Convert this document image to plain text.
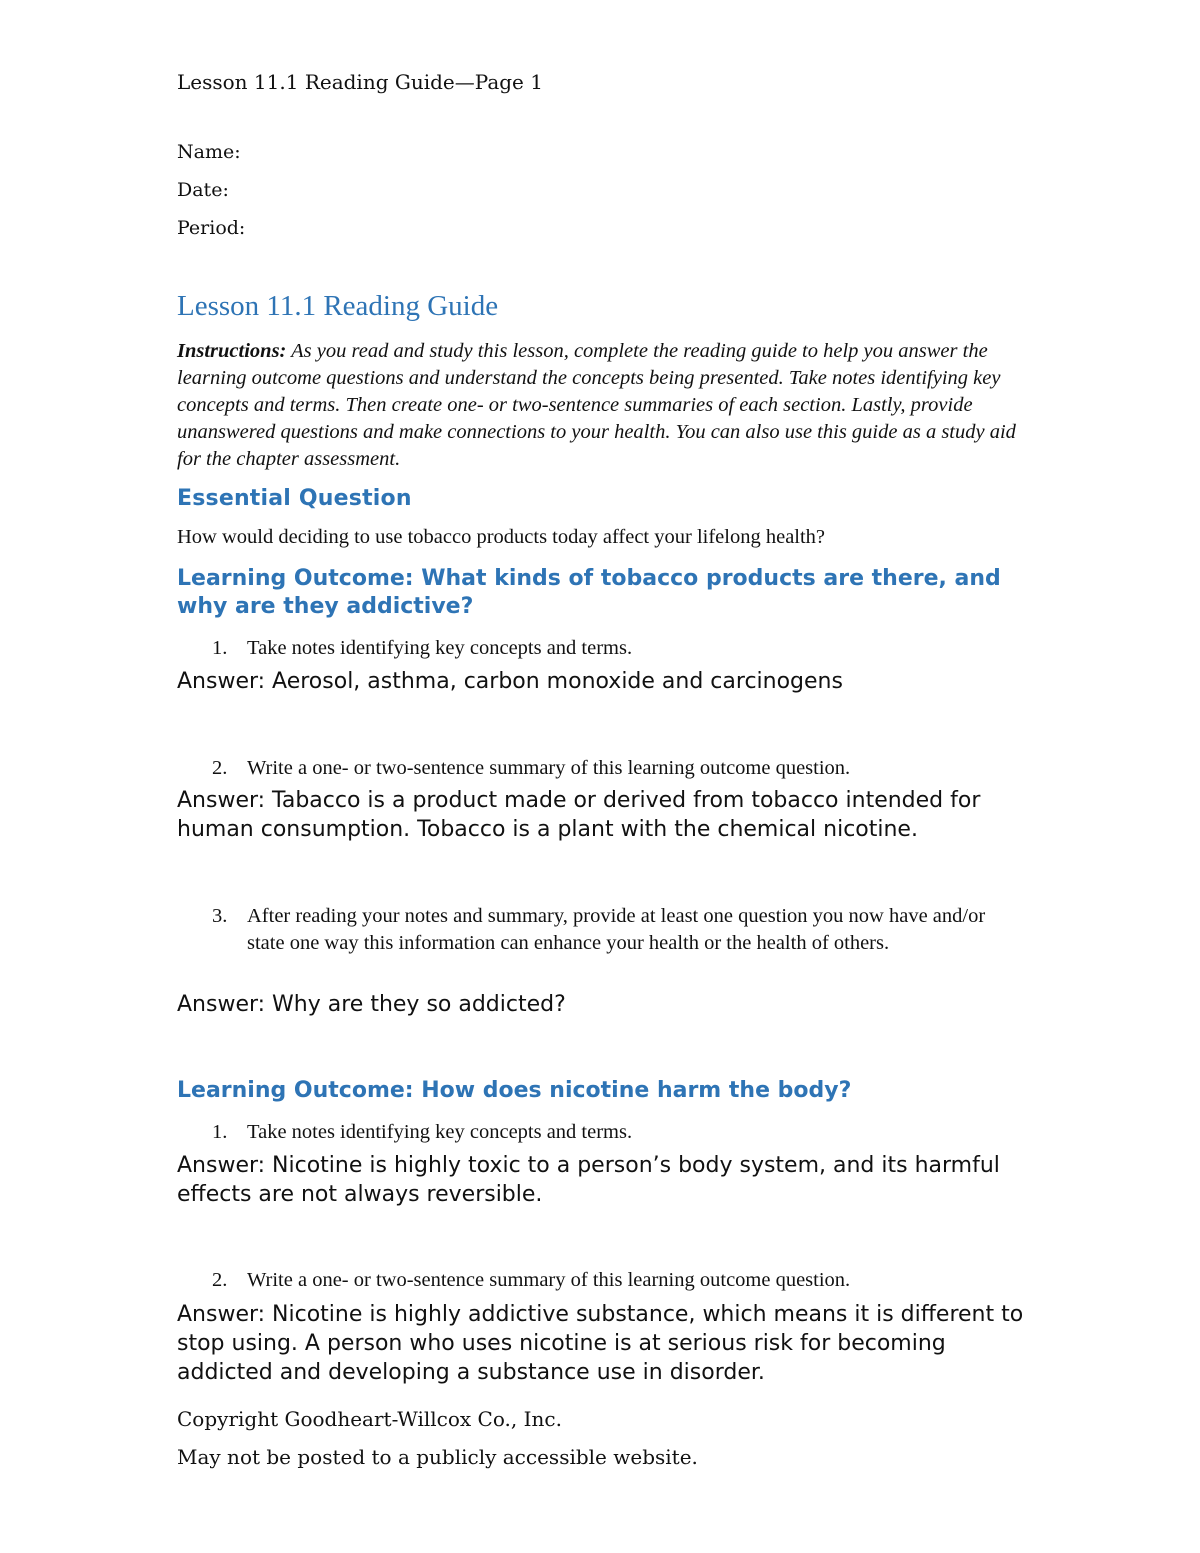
Lesson 11.1 Reading Guide—Page 1
Name:
Date:
Period:
Lesson 11.1 Reading Guide
Instructions: As you read and study this lesson, complete the reading guide to help you answer the learning outcome questions and understand the concepts being presented. Take notes identifying key concepts and terms. Then create one- or two-sentence summaries of each section. Lastly, provide unanswered questions and make connections to your health. You can also use this guide as a study aid for the chapter assessment.
Essential Question
How would deciding to use tobacco products today affect your lifelong health?
Learning Outcome: What kinds of tobacco products are there, and why are they addictive?
1. Take notes identifying key concepts and terms.
Answer: Aerosol, asthma, carbon monoxide and carcinogens
2. Write a one- or two-sentence summary of this learning outcome question.
Answer: Tabacco is a product made or derived from tobacco intended for human consumption. Tobacco is a plant with the chemical nicotine.
3. After reading your notes and summary, provide at least one question you now have and/or state one way this information can enhance your health or the health of others.
Answer: Why are they so addicted?
Learning Outcome: How does nicotine harm the body?
1. Take notes identifying key concepts and terms.
Answer: Nicotine is highly toxic to a person’s body system, and its harmful effects are not always reversible.
2. Write a one- or two-sentence summary of this learning outcome question.
Answer: Nicotine is highly addictive substance, which means it is different to stop using. A person who uses nicotine is at serious risk for becoming addicted and developing a substance use in disorder.
Copyright Goodheart-Willcox Co., Inc.
May not be posted to a publicly accessible website.
